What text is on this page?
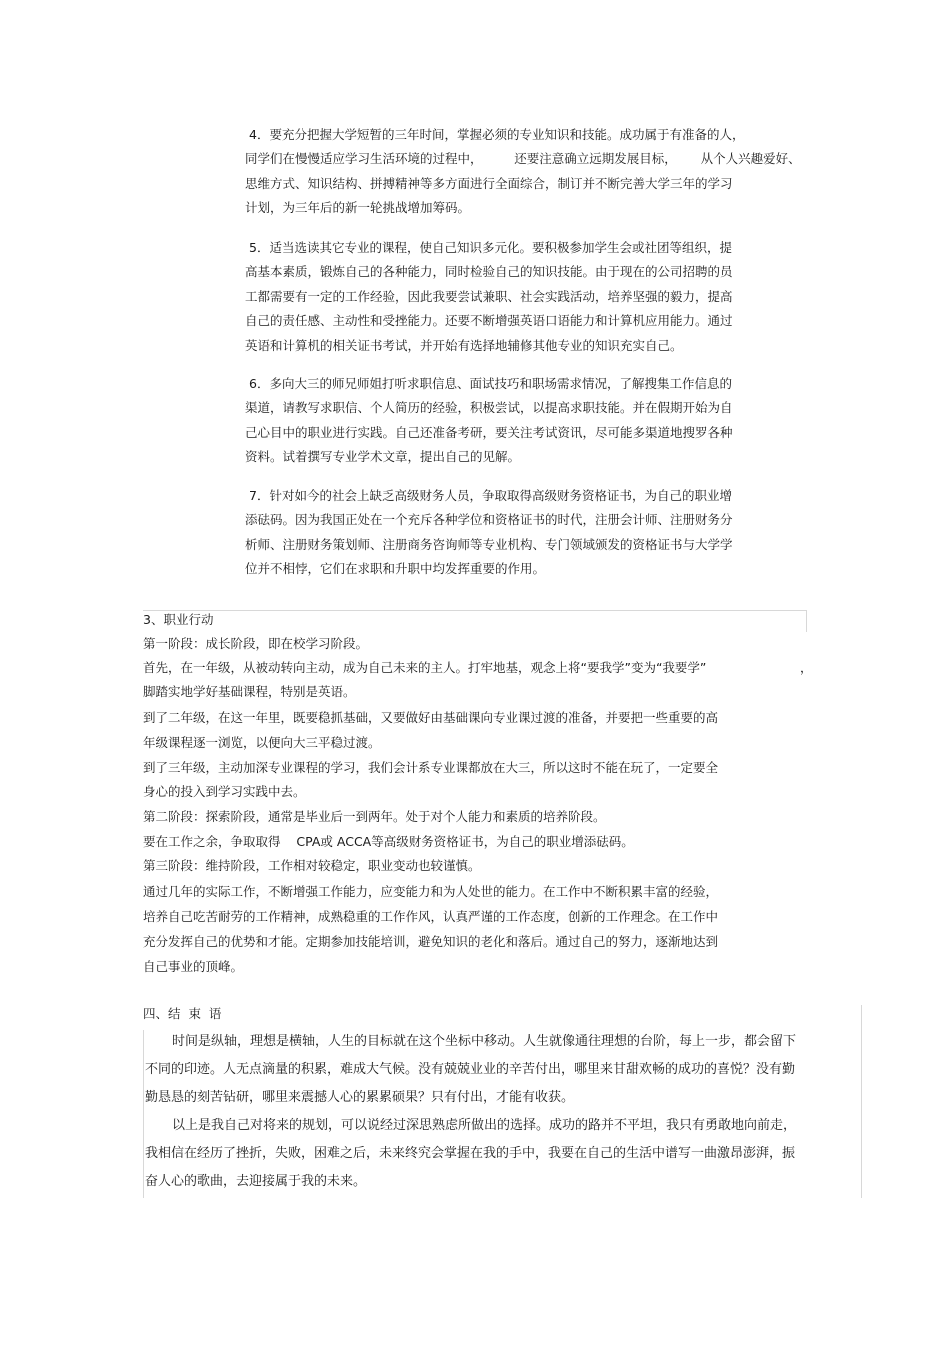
4．要充分把握大学短暂的三年时间，掌握必须的专业知识和技能。成功属于有准备的人，
同学们在慢慢适应学习生活环境的过程中，        还要注意确立远期发展目标，      从个人兴趣爱好、
思维方式、知识结构、拼搏精神等多方面进行全面综合，制订并不断完善大学三年的学习
计划，为三年后的新一轮挑战增加筹码。
5．适当选读其它专业的课程，使自己知识多元化。要积极参加学生会或社团等组织，提
高基本素质，锻炼自己的各种能力，同时检验自己的知识技能。由于现在的公司招聘的员
工都需要有一定的工作经验，因此我要尝试兼职、社会实践活动，培养坚强的毅力，提高
自己的责任感、主动性和受挫能力。还要不断增强英语口语能力和计算机应用能力。通过
英语和计算机的相关证书考试，并开始有选择地辅修其他专业的知识充实自己。
6．多向大三的师兄师姐打听求职信息、面试技巧和职场需求情况，了解搜集工作信息的
渠道，请教写求职信、个人简历的经验，积极尝试，以提高求职技能。并在假期开始为自
己心目中的职业进行实践。自己还准备考研，要关注考试资讯，尽可能多渠道地搜罗各种
资料。试着撰写专业学术文章，提出自己的见解。
7．针对如今的社会上缺乏高级财务人员，争取取得高级财务资格证书，为自己的职业增
添砝码。因为我国正处在一个充斥各种学位和资格证书的时代，注册会计师、注册财务分
析师、注册财务策划师、注册商务咨询师等专业机构、专门领域颁发的资格证书与大学学
位并不相悖，它们在求职和升职中均发挥重要的作用。
3、职业行动
第一阶段：成长阶段，即在校学习阶段。
首先，在一年级，从被动转向主动，成为自己未来的主人。打牢地基，观念上将“要我学”变为“我要学”	，
脚踏实地学好基础课程，特别是英语。
到了二年级，在这一年里，既要稳抓基础，又要做好由基础课向专业课过渡的准备，并要把一些重要的高
年级课程逐一浏览，以便向大三平稳过渡。
到了三年级，主动加深专业课程的学习，我们会计系专业课都放在大三，所以这时不能在玩了，一定要全
身心的投入到学习实践中去。
第二阶段：探索阶段，通常是毕业后一到两年。处于对个人能力和素质的培养阶段。
要在工作之余，争取取得    CPA或 ACCA等高级财务资格证书，为自己的职业增添砝码。
第三阶段：维持阶段，工作相对较稳定，职业变动也较谨慎。
通过几年的实际工作，不断增强工作能力，应变能力和为人处世的能力。在工作中不断积累丰富的经验，
培养自己吃苦耐劳的工作精神，成熟稳重的工作作风，认真严谨的工作态度，创新的工作理念。在工作中
充分发挥自己的优势和才能。定期参加技能培训，避免知识的老化和落后。通过自己的努力，逐渐地达到
自己事业的顶峰。
四、结  束  语
时间是纵轴，理想是横轴，人生的目标就在这个坐标中移动。人生就像通往理想的台阶，每上一步，都会留下
不同的印迹。人无点滴量的积累，难成大气候。没有兢兢业业的辛苦付出，哪里来甘甜欢畅的成功的喜悦？没有勤
勤恳恳的刻苦钻研，哪里来震撼人心的累累硕果？只有付出，才能有收获。
以上是我自己对将来的规划，可以说经过深思熟虑所做出的选择。成功的路并不平坦，我只有勇敢地向前走，
我相信在经历了挫折，失败，困难之后，未来终究会掌握在我的手中，我要在自己的生活中谱写一曲激昂澎湃，振
奋人心的歌曲，去迎接属于我的未来。
